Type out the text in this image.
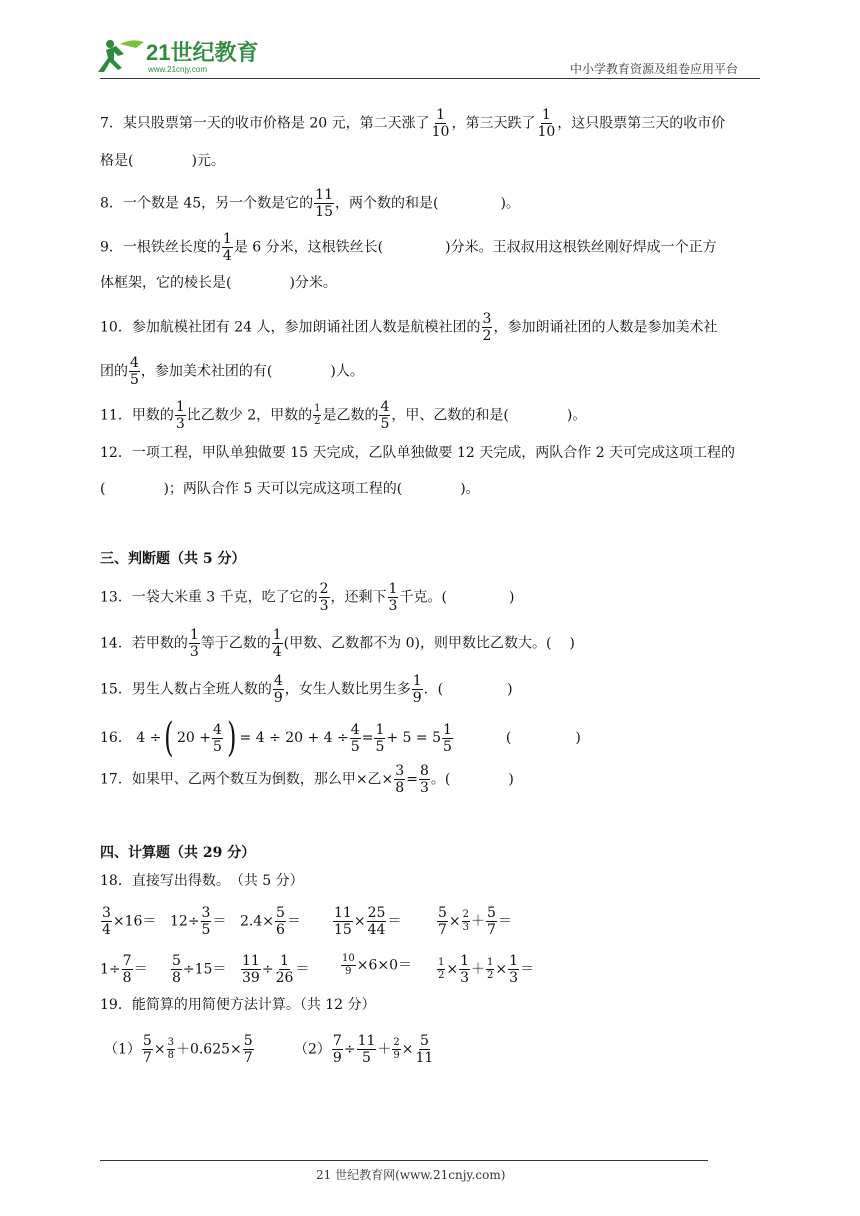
21世纪教育
www.21cnjy.com	中小学教育资源及组卷应用平台
7．某只股票第一天的收市价格是 20 元，第二天涨了 $\frac{1}{10}$ ，第三天跌了 $\frac{1}{10}$ ，这只股票第三天的收市价
格是(	)元。
8．一个数是 45，另一个数是它的 $\frac{11}{15}$ ，两个数的和是(	)。
9．一根铁丝长度的 $\frac{1}{4}$ 是 6 分米，这根铁丝长(	)分米。王叔叔用这根铁丝刚好焊成一个正方
体框架，它的棱长是(	)分米。
10．参加航模社团有 24 人，参加朗诵社团人数是航模社团的 $\frac{3}{2}$ ，参加朗诵社团的人数是参加美术社
团的 $\frac{4}{5}$ ，参加美术社团的有(	)人。
11．甲数的 $\frac{1}{3}$ 比乙数少 2，甲数的 $\frac{1}{2}$ 是乙数的 $\frac{4}{5}$ ，甲、乙数的和是(	)。
12．一项工程，甲队单独做要 15 天完成，乙队单独做要 12 天完成，两队合作 2 天可完成这项工程的
(	)；两队合作 5 天可以完成这项工程的(	)。
三、判断题（共 5 分）
13．一袋大米重 3 千克，吃了它的 $\frac{2}{3}$ ，还剩下 $\frac{1}{3}$ 千克。(	)
14．若甲数的 $\frac{1}{3}$ 等于乙数的 $\frac{1}{4}$ (甲数、乙数都不为 0)，则甲数比乙数大。( )
15．男生人数占全班人数的 $\frac{4}{9}$ ，女生人数比男生多 $\frac{1}{9}$ ．(	)
16． 4 ÷( $20 + \frac{4}{5}$ ) = $4 \div 20 + 4 \div \frac{4}{5} = \frac{1}{5} + 5 = 5 \frac{1}{5}$	(	)
17．如果甲、乙两个数互为倒数，那么甲×乙× $\frac{3}{8} = \frac{8}{3}$ 。(	)
四、计算题（共 29 分）
18．直接写出得数。　（共 5 分）
$\frac{3}{4} \times 16= 12\div \frac{3}{5} = 2.4\times \frac{5}{6} = \frac{11}{15} \times \frac{25}{44}$ ＝	$\frac{5}{7} \times \frac{2}{3} + \frac{5}{7}$ ＝
$1\div \frac{7}{8} = \frac{5}{8} \div 15= \frac{11}{39} \div \frac{1}{26}$ ＝	$\frac{10}{9} \times 6\times 0= \frac{1}{2} \times \frac{1}{3} + \frac{1}{2} \times \frac{1}{3}$ ＝
19．能简算的用简便方法计算。（共 12 分）
$(1) \frac{5}{7} \times \frac{3}{8} +0.625\times \frac{5}{7}$	$(2) \frac{7}{9} \div \frac{11}{5} + \frac{2}{9} \times \frac{5}{11}$
21 世纪教育网(www.21cnjy.com)
